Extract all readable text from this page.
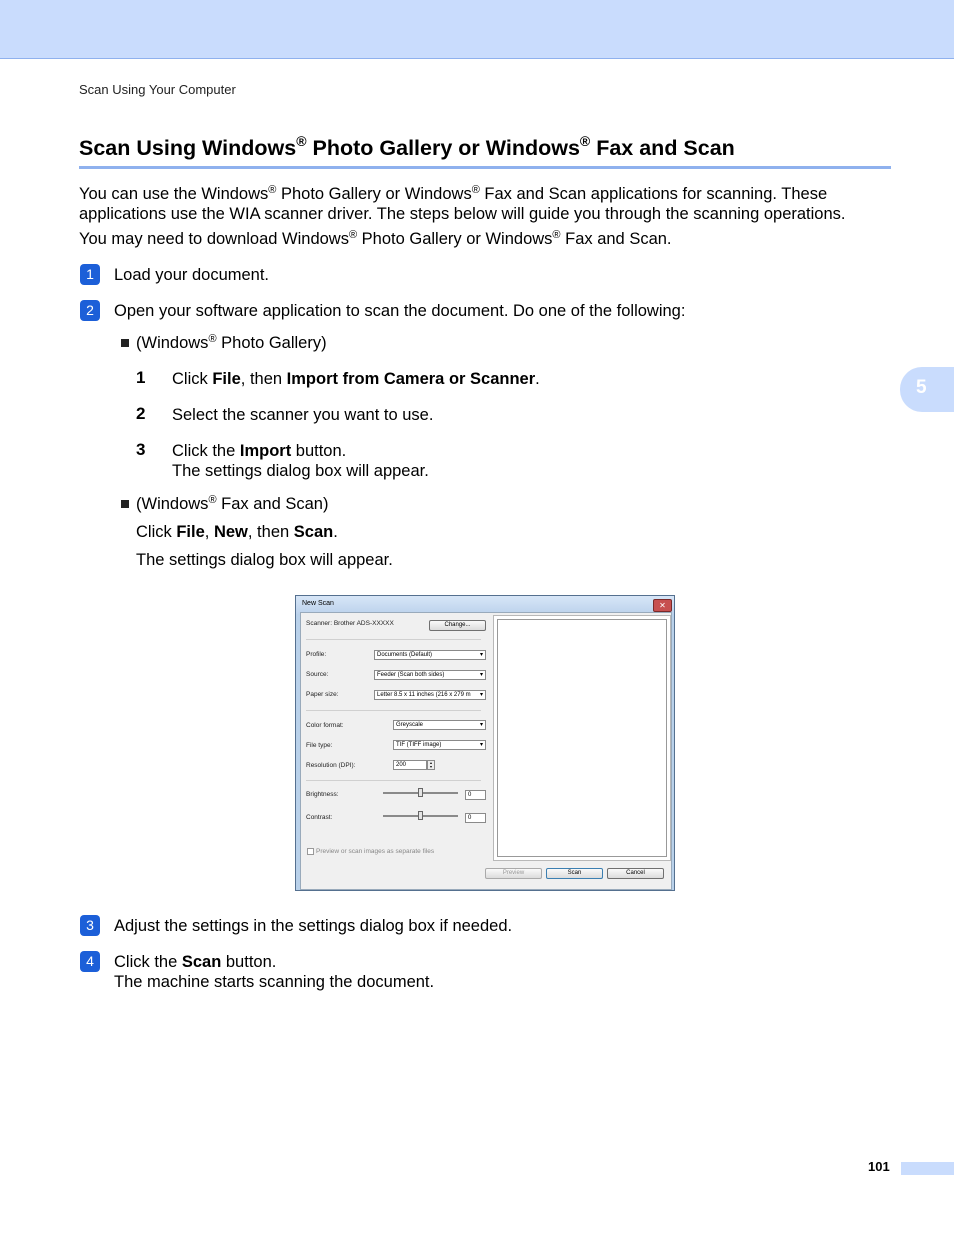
Scan Using Your Computer
5
Scan Using Windows® Photo Gallery or Windows® Fax and Scan
You can use the Windows® Photo Gallery or Windows® Fax and Scan applications for scanning. These
applications use the WIA scanner driver. The steps below will guide you through the scanning operations.
You may need to download Windows® Photo Gallery or Windows® Fax and Scan.
1	Load your document.
2	Open your software application to scan the document. Do one of the following:
(Windows® Photo Gallery)
1 Click File, then Import from Camera or Scanner.
2 Select the scanner you want to use.
3 Click the Import button.
The settings dialog box will appear.
(Windows® Fax and Scan)
Click File, New, then Scan.
The settings dialog box will appear.
3	Adjust the settings in the settings dialog box if needed.
4	Click the Scan button.
The machine starts scanning the document.
New Scan	✕
Scanner: Brother ADS-XXXXX	Change...
Profile:	Documents (Default) ▾
Source:	Feeder (Scan both sides) ▾
Paper size:	Letter 8.5 x 11 inches (216 x 279 m ▾
Color format:	Greyscale ▾
File type:	TIF (TIFF image) ▾
Resolution (DPI):	200	▴
▾
Brightness:	0
Contrast:	0
Preview or scan images as separate files
Preview	Scan	Cancel
101
